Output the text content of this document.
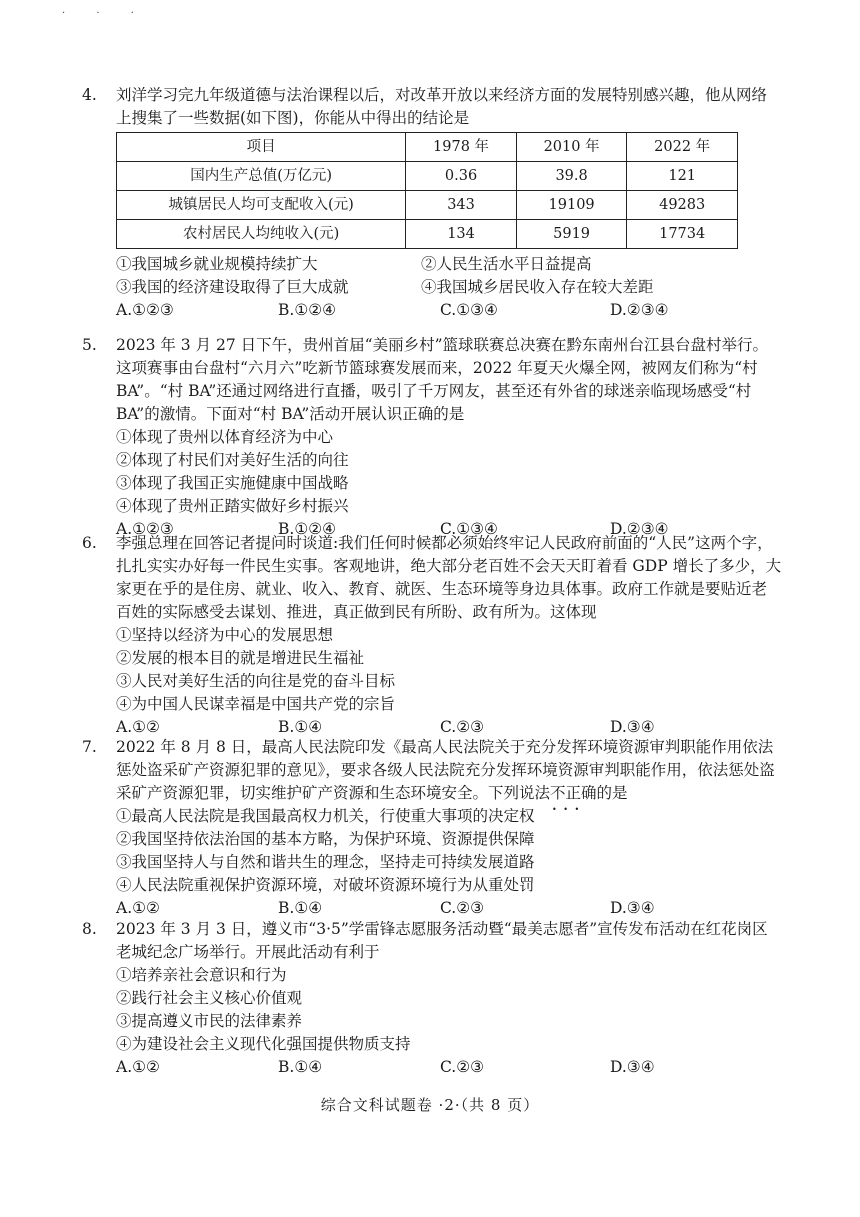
· · ·
4.	刘洋学习完九年级道德与法治课程以后，对改革开放以来经济方面的发展特别感兴趣，他从网络上搜集了一些数据(如下图)，你能从中得出的结论是
项目	1978 年	2010 年	2022 年
国内生产总值(万亿元)	0.36	39.8	121
城镇居民人均可支配收入(元)	343	19109	49283
农村居民人均纯收入(元)	134	5919	17734
①我国城乡就业规模持续扩大	②人民生活水平日益提高
③我国的经济建设取得了巨大成就	④我国城乡居民收入存在较大差距
A.①②③	B.①②④	C.①③④	D.②③④
5.	2023 年 3 月 27 日下午，贵州首届“美丽乡村”篮球联赛总决赛在黔东南州台江县台盘村举行。这项赛事由台盘村“六月六”吃新节篮球赛发展而来，2022 年夏天火爆全网，被网友们称为“村 BA”。“村 BA”还通过网络进行直播，吸引了千万网友，甚至还有外省的球迷亲临现场感受“村 BA”的激情。下面对“村 BA”活动开展认识正确的是
①体现了贵州以体育经济为中心
②体现了村民们对美好生活的向往
③体现了我国正实施健康中国战略
④体现了贵州正踏实做好乡村振兴
A.①②③	B.①②④	C.①③④	D.②③④
6.	李强总理在回答记者提问时谈道:我们任何时候都必须始终牢记人民政府前面的“人民”这两个字，扎扎实实办好每一件民生实事。客观地讲，绝大部分老百姓不会天天盯着看 GDP 增长了多少，大家更在乎的是住房、就业、收入、教育、就医、生态环境等身边具体事。政府工作就是要贴近老百姓的实际感受去谋划、推进，真正做到民有所盼、政有所为。这体现
①坚持以经济为中心的发展思想
②发展的根本目的就是增进民生福祉
③人民对美好生活的向往是党的奋斗目标
④为中国人民谋幸福是中国共产党的宗旨
A.①②	B.①④	C.②③	D.③④
7.	2022 年 8 月 8 日，最高人民法院印发《最高人民法院关于充分发挥环境资源审判职能作用依法惩处盗采矿产资源犯罪的意见》，要求各级人民法院充分发挥环境资源审判职能作用，依法惩处盗采矿产资源犯罪，切实维护矿产资源和生态环境安全。下列说法不正确 • • •的是
①最高人民法院是我国最高权力机关，行使重大事项的决定权
②我国坚持依法治国的基本方略，为保护环境、资源提供保障
③我国坚持人与自然和谐共生的理念，坚持走可持续发展道路
④人民法院重视保护资源环境，对破坏资源环境行为从重处罚
A.①②	B.①④	C.②③	D.③④
8.	2023 年 3 月 3 日，遵义市“3·5”学雷锋志愿服务活动暨“最美志愿者”宣传发布活动在红花岗区老城纪念广场举行。开展此活动有利于
①培养亲社会意识和行为
②践行社会主义核心价值观
③提高遵义市民的法律素养
④为建设社会主义现代化强国提供物质支持
A.①②	B.①④	C.②③	D.③④
综合文科试题卷 ·2·（共 8 页）
